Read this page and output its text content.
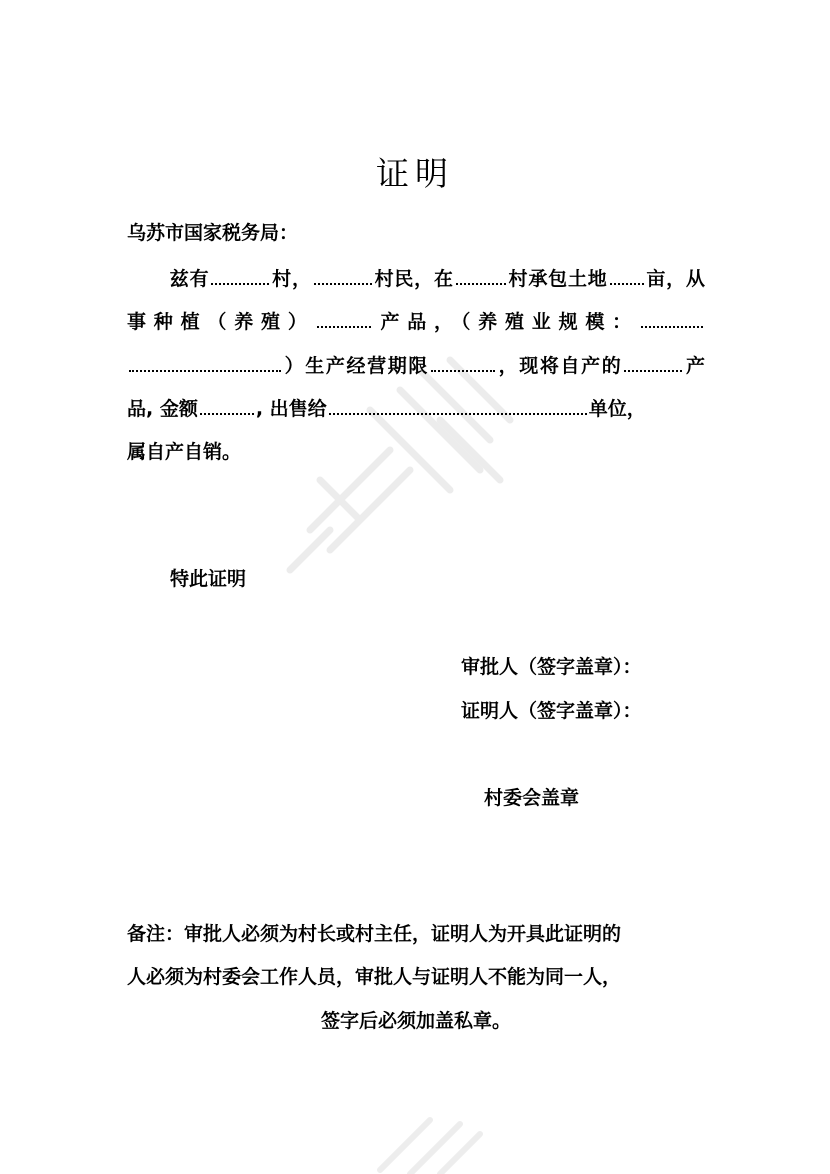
证明
乌苏市国家税务局：
兹有	村，	村民，在	村承包土地 亩，从事种植（养殖）	产品，（养殖业规模：）生产经营期限	，现将自产的	产品, 金额	, 出售给	单位，
属自产自销。
特此证明
审批人（签字盖章）：
证明人（签字盖章）：
村委会盖章
备注：审批人必须为村长或村主任，证明人为开具此证明的
人必须为村委会工作人员，审批人与证明人不能为同一人，
签字后必须加盖私章。
